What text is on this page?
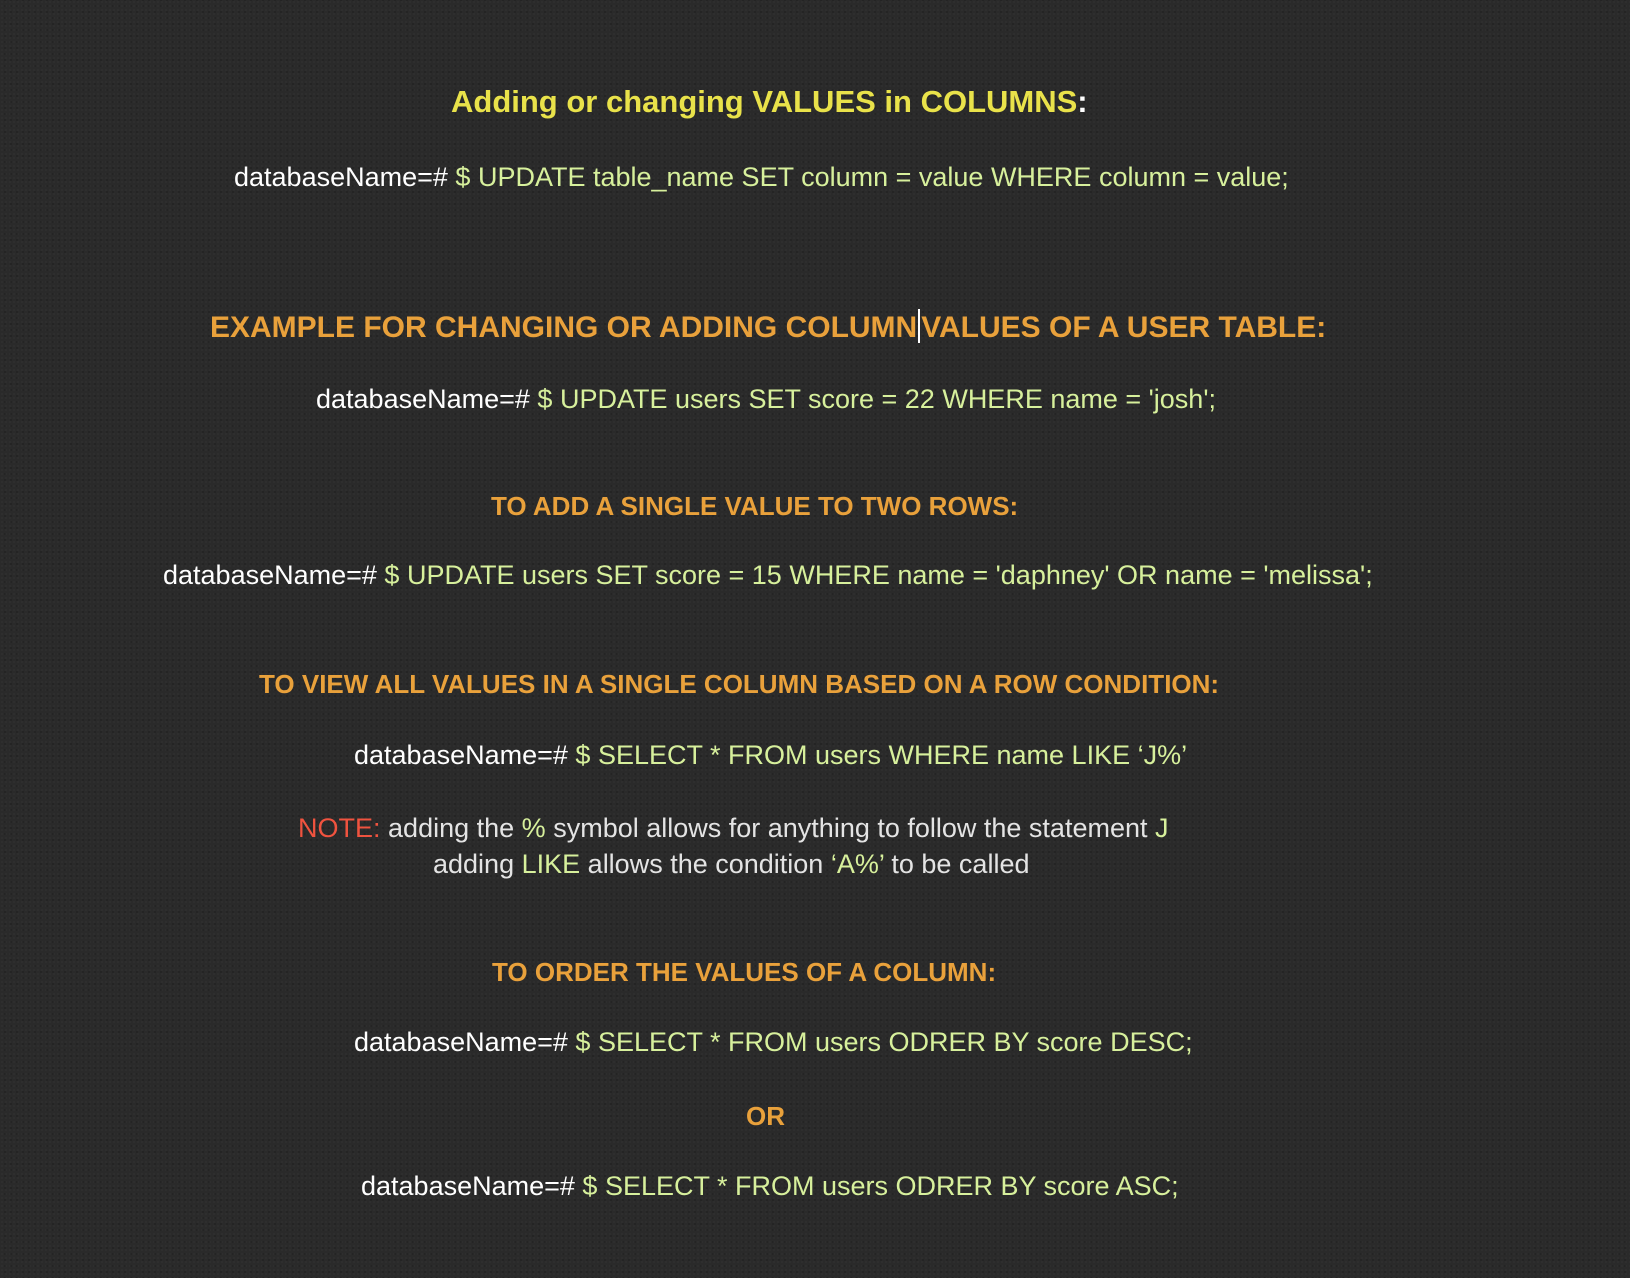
Adding or changing VALUES in COLUMNS:
databaseName=# $ UPDATE table_name SET column = value WHERE column = value;
EXAMPLE FOR CHANGING OR ADDING COLUMN VALUES OF A USER TABLE:
databaseName=# $ UPDATE users SET score = 22 WHERE name = 'josh';
TO ADD A SINGLE VALUE TO TWO ROWS:
databaseName=# $ UPDATE users SET score = 15 WHERE name = 'daphney' OR name = 'melissa';
TO VIEW ALL VALUES IN A SINGLE COLUMN BASED ON A ROW CONDITION:
databaseName=# $ SELECT * FROM users WHERE name LIKE ‘J%’
NOTE: adding the % symbol allows for anything to follow the statement J
adding LIKE allows the condition ‘A%’ to be called
TO ORDER THE VALUES OF A COLUMN:
databaseName=# $ SELECT * FROM users ODRER BY score DESC;
OR
databaseName=# $ SELECT * FROM users ODRER BY score ASC;
